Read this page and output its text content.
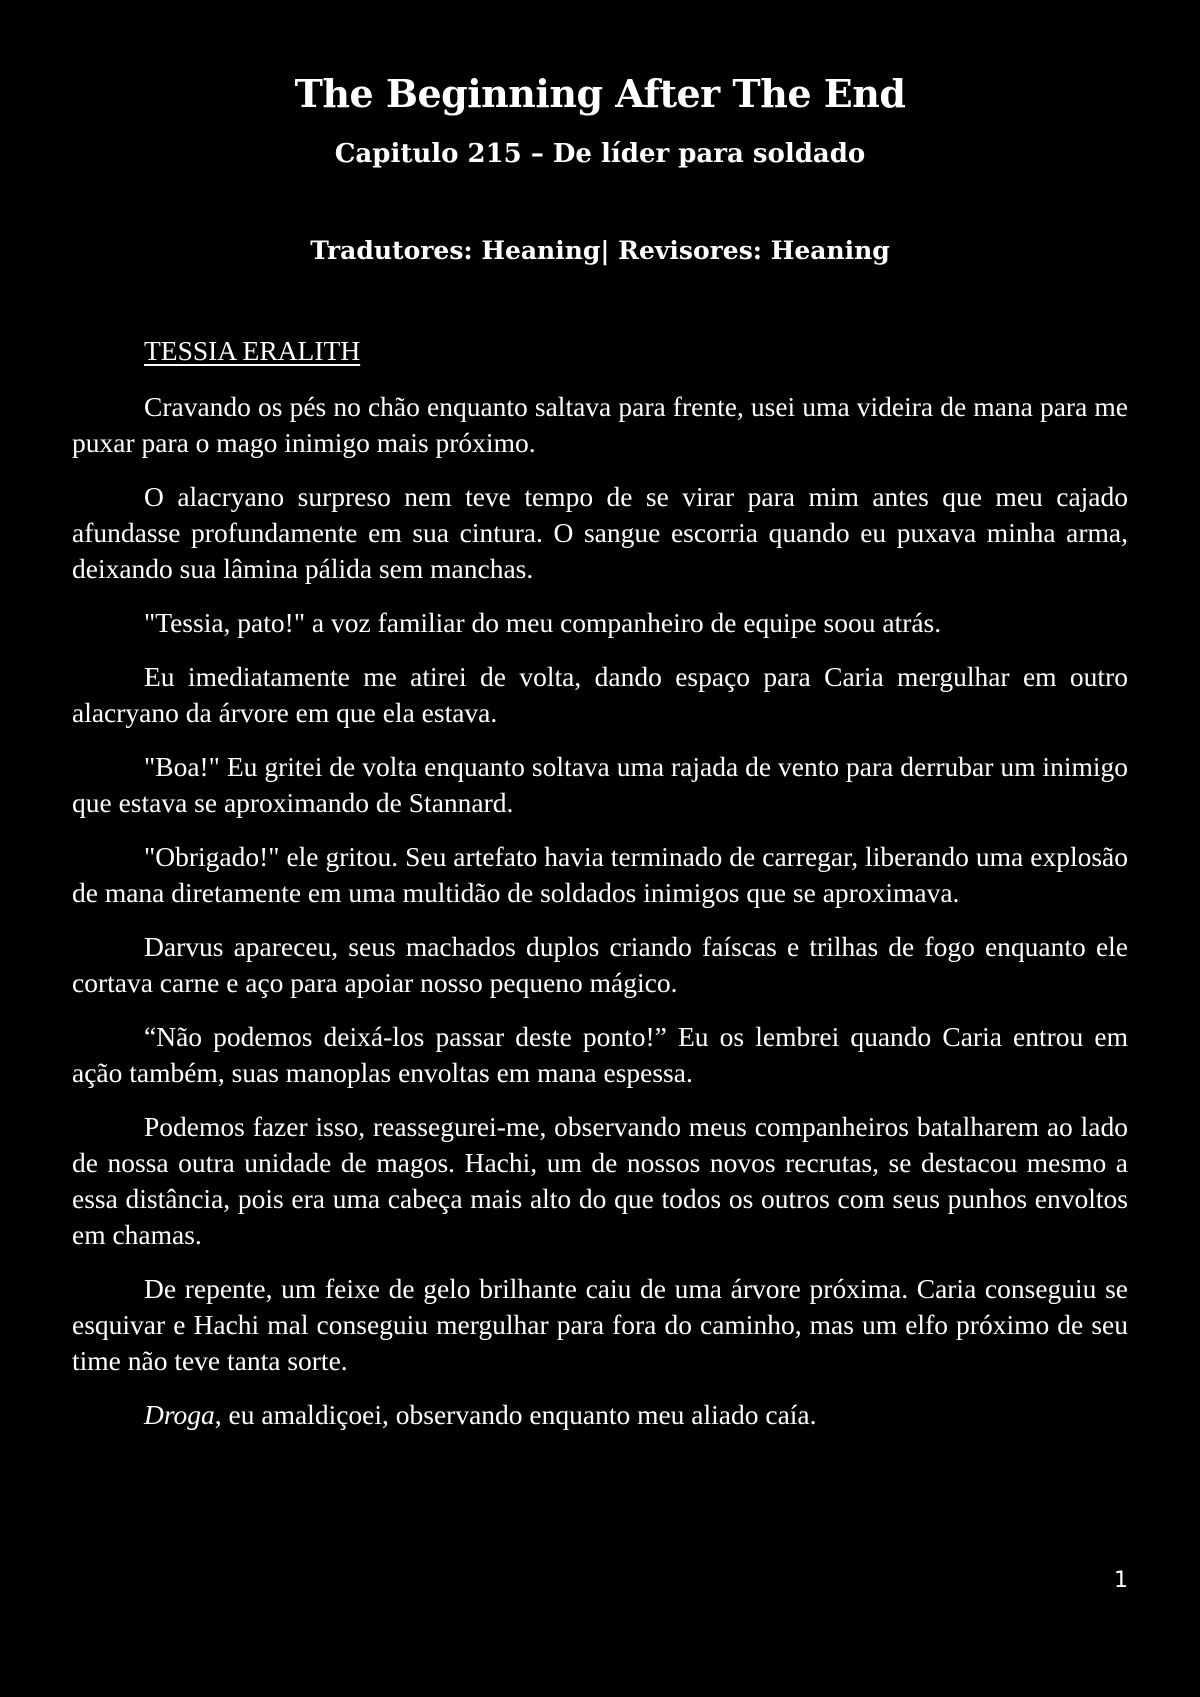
The Beginning After The End
Capitulo 215 – De líder para soldado
Tradutores: Heaning| Revisores: Heaning

TESSIA ERALITH

Cravando os pés no chão enquanto saltava para frente, usei uma videira de mana para me puxar para o mago inimigo mais próximo.

O alacryano surpreso nem teve tempo de se virar para mim antes que meu cajado afundasse profundamente em sua cintura. O sangue escorria quando eu puxava minha arma, deixando sua lâmina pálida sem manchas.

"Tessia, pato!" a voz familiar do meu companheiro de equipe soou atrás.

Eu imediatamente me atirei de volta, dando espaço para Caria mergulhar em outro alacryano da árvore em que ela estava.

"Boa!" Eu gritei de volta enquanto soltava uma rajada de vento para derrubar um inimigo que estava se aproximando de Stannard.

"Obrigado!" ele gritou. Seu artefato havia terminado de carregar, liberando uma explosão de mana diretamente em uma multidão de soldados inimigos que se aproximava.

Darvus apareceu, seus machados duplos criando faíscas e trilhas de fogo enquanto ele cortava carne e aço para apoiar nosso pequeno mágico.

“Não podemos deixá-los passar deste ponto!” Eu os lembrei quando Caria entrou em ação também, suas manoplas envoltas em mana espessa.

Podemos fazer isso, reassegurei-me, observando meus companheiros batalharem ao lado de nossa outra unidade de magos. Hachi, um de nossos novos recrutas, se destacou mesmo a essa distância, pois era uma cabeça mais alto do que todos os outros com seus punhos envoltos em chamas.

De repente, um feixe de gelo brilhante caiu de uma árvore próxima. Caria conseguiu se esquivar e Hachi mal conseguiu mergulhar para fora do caminho, mas um elfo próximo de seu time não teve tanta sorte.

Droga, eu amaldiçoei, observando enquanto meu aliado caía.

1
